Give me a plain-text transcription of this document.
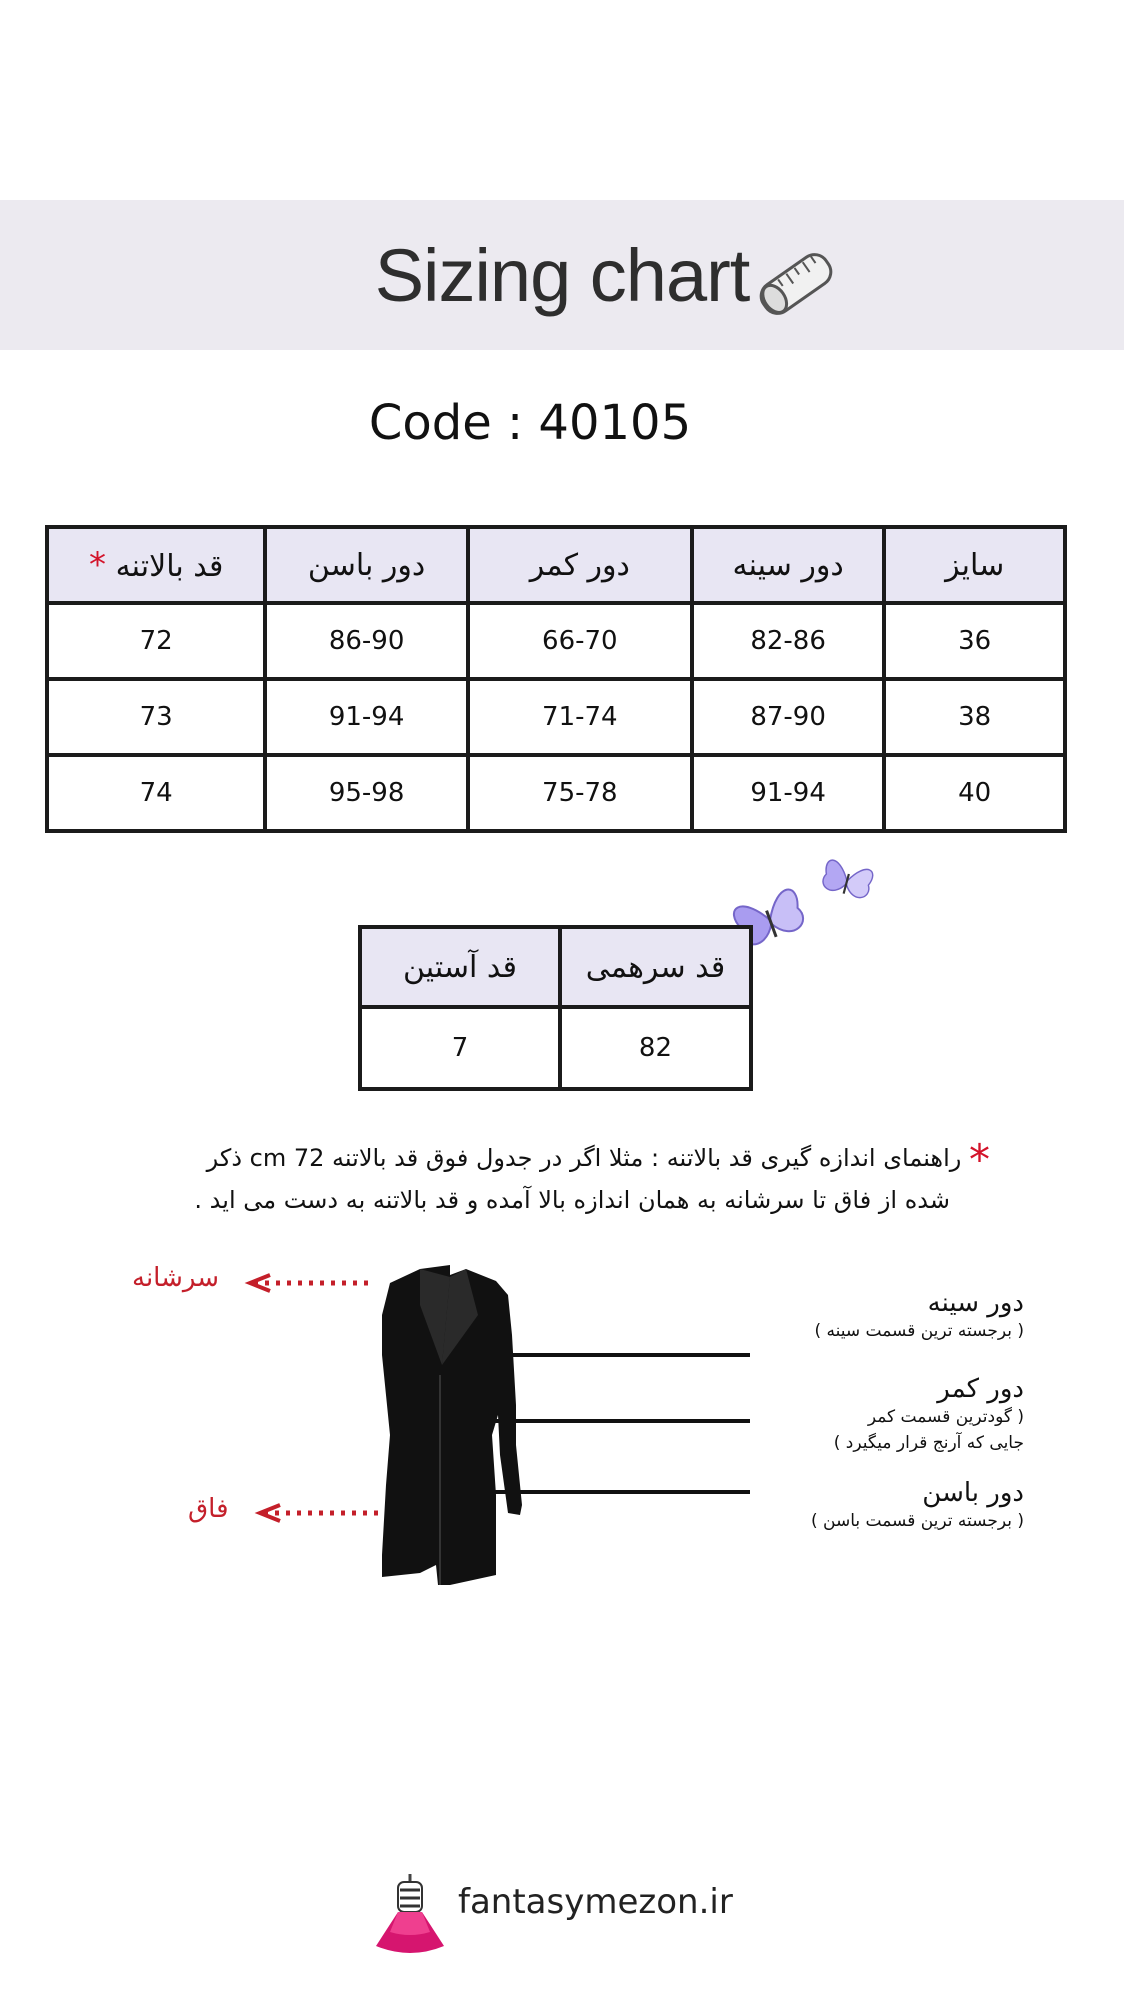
Sizing chart
Code : 40105
سایز	دور سینه	دور کمر	دور باسن	قد بالاتنه *
36	82-86	66-70	86-90	72
38	87-90	71-74	91-94	73
40	91-94	75-78	95-98	74
قد سرهمی	قد آستین
82	7
* راهنمای اندازه گیری قد بالاتنه : مثلا اگر در جدول فوق قد بالاتنه 72 cm ذکر
شده از فاق تا سرشانه به همان اندازه بالا آمده و قد بالاتنه به دست می اید .
سرشانه
فاق
دور سینه
( برجسته ترین قسمت سینه )
دور کمر
( گودترین قسمت کمر
جایی که آرنج قرار میگیرد )
دور باسن
( برجسته ترین قسمت باسن )
fantasymezon.ir
